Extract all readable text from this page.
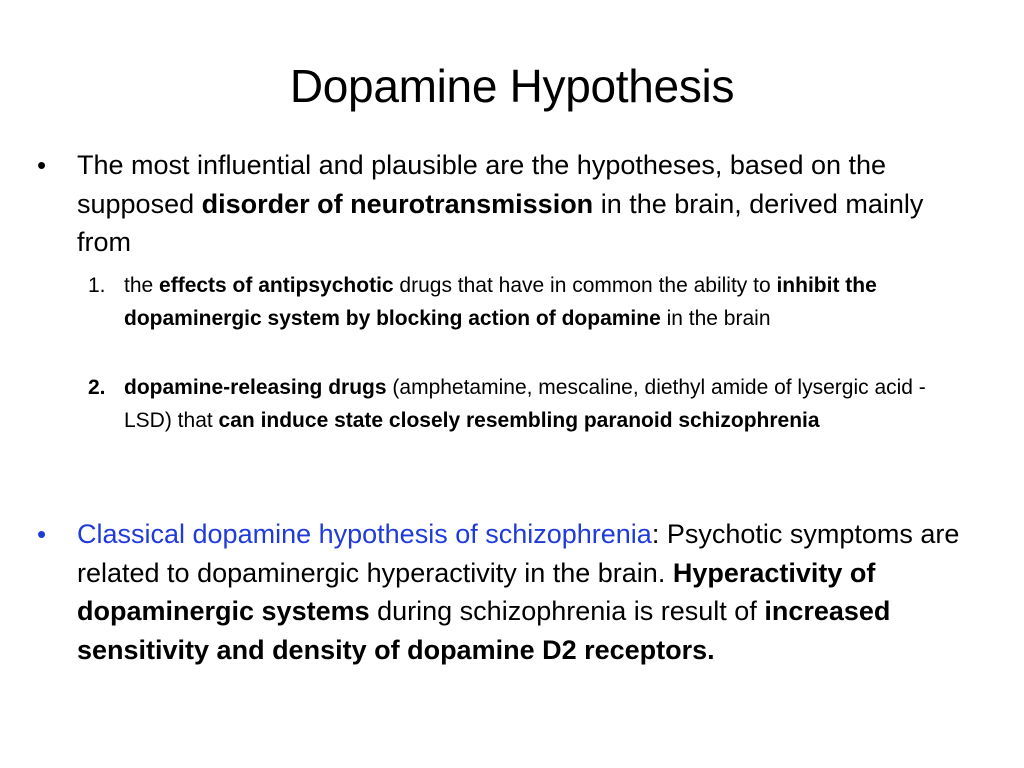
Dopamine Hypothesis
• The most influential and plausible are the hypotheses, based on the supposed disorder of neurotransmission in the brain, derived mainly from
1. the effects of antipsychotic drugs that have in common the ability to inhibit the dopaminergic system by blocking action of dopamine in the brain
2. dopamine-releasing drugs (amphetamine, mescaline, diethyl amide of lysergic acid - LSD) that can induce state closely resembling paranoid schizophrenia
• Classical dopamine hypothesis of schizophrenia: Psychotic symptoms are related to dopaminergic hyperactivity in the brain. Hyperactivity of dopaminergic systems during schizophrenia is result of increased sensitivity and density of dopamine D2 receptors.
